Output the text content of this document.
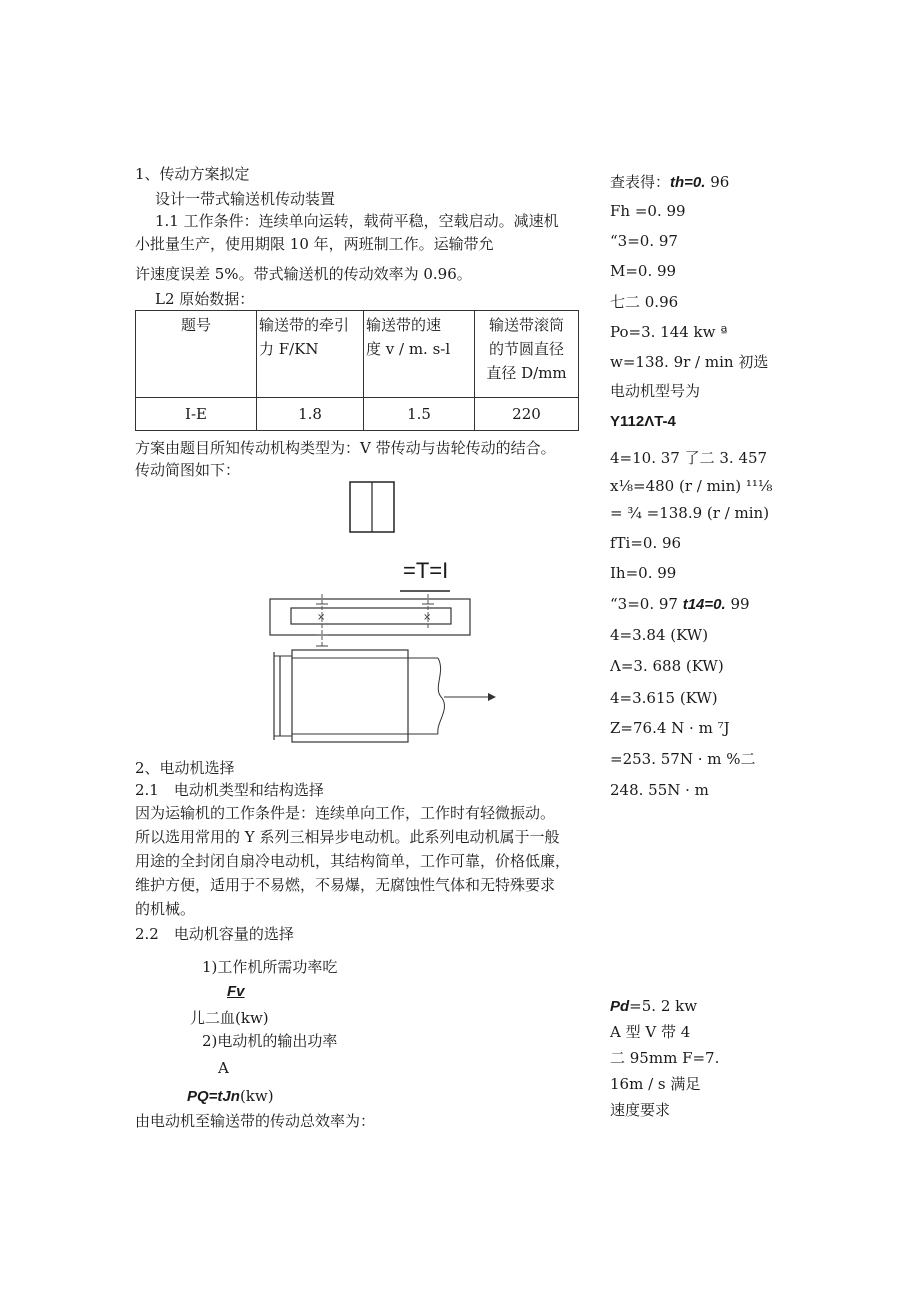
1、传动方案拟定
设计一带式输送机传动装置
1.1 工作条件：连续单向运转，载荷平稳，空载启动。减速机
小批量生产，使用期限 10 年，两班制工作。运输带允
许速度误差 5%。带式输送机的传动效率为 0.96。
L2 原始数据：
题号	输送带的牵引
力 F/KN	输送带的速
度 v / m. s-l	输送带滚筒
的节圆直径
直径 D/mm
I-E	1.8	1.5	220
方案由题目所知传动机构类型为：V 带传动与齿轮传动的结合。
传动简图如下：
×	×
=T=I
2、电动机选择
2.1　电动机类型和结构选择
因为运输机的工作条件是：连续单向工作，工作时有轻微振动。
所以选用常用的 Y 系列三相异步电动机。此系列电动机属于一般
用途的全封闭自扇冷电动机，其结构简单，工作可靠，价格低廉，
维护方便，适用于不易燃，不易爆，无腐蚀性气体和无特殊要求
的机械。
2.2　电动机容量的选择
1)工作机所需功率吃
Fv
儿二血(kw)
2)电动机的输出功率
A
PQ=tJn(kw)
由电动机至输送带的传动总效率为：
查表得：th=0. 96
Fh =0. 99
“3=0. 97
M=0. 99
七二 0.96
Po=3. 144 kw ª
w=138. 9r / min 初选
电动机型号为
Y112ΛT-4
4=10. 37 了二 3. 457
x⅛=480 (r / min) ¹¹⅛
= ¾ =138.9 (r / min)
fTi=0. 96
Ih=0. 99
“3=0. 97 t14=0. 99
4=3.84 (KW)
Λ=3. 688 (KW)
4=3.615 (KW)
Z=76.4 N · m ⁷J
=253. 57N · m %二
248. 55N · m
Pd=5. 2 kw
A 型 V 带 4
二 95mm F=7.
16m / s 满足
速度要求
